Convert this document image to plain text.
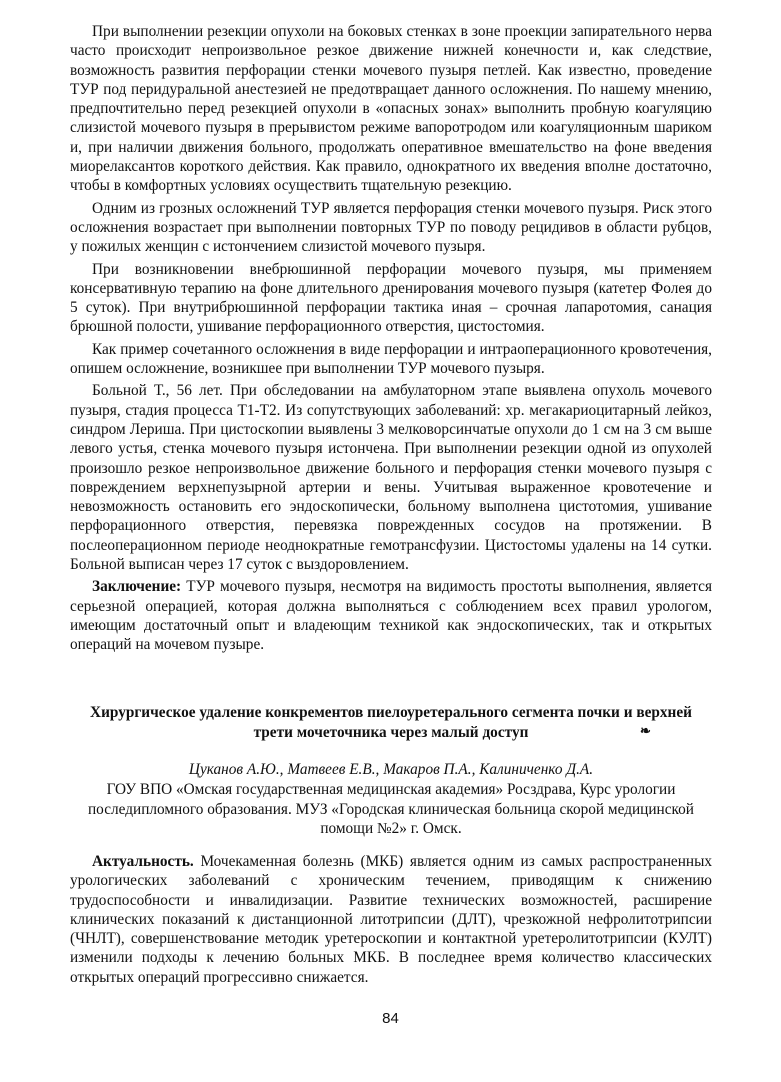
При выполнении резекции опухоли на боковых стенках в зоне проекции запирательного нерва часто происходит непроизвольное резкое движение нижней конечности и, как следствие, возможность развития перфорации стенки мочевого пузыря петлей. Как известно, проведение ТУР под перидуральной анестезией не предотвращает данного осложнения. По нашему мнению, предпочтительно перед резекцией опухоли в «опасных зонах» выполнить пробную коагуляцию слизистой мочевого пузыря в прерывистом режиме вапоротродом или коагуляционным шариком и, при наличии движения больного, продолжать оперативное вмешательство на фоне введения миорелаксантов короткого действия. Как правило, однократного их введения вполне достаточно, чтобы в комфортных условиях осуществить тщательную резекцию.

Одним из грозных осложнений ТУР является перфорация стенки мочевого пузыря. Риск этого осложнения возрастает при выполнении повторных ТУР по поводу рецидивов в области рубцов, у пожилых женщин с истончением слизистой мочевого пузыря.

При возникновении внебрюшинной перфорации мочевого пузыря, мы применяем консервативную терапию на фоне длительного дренирования мочевого пузыря (катетер Фолея до 5 суток). При внутрибрюшинной перфорации тактика иная – срочная лапаротомия, санация брюшной полости, ушивание перфорационного отверстия, цистостомия.

Как пример сочетанного осложнения в виде перфорации и интраоперационного кровотечения, опишем осложнение, возникшее при выполнении ТУР мочевого пузыря.

Больной Т., 56 лет. При обследовании на амбулаторном этапе выявлена опухоль мочевого пузыря, стадия процесса Т1-Т2. Из сопутствующих заболеваний: хр. мегакариоцитарный лейкоз, синдром Лериша. При цистоскопии выявлены 3 мелковорсинчатые опухоли до 1 см на 3 см выше левого устья, стенка мочевого пузыря истончена. При выполнении резекции одной из опухолей произошло резкое непроизвольное движение больного и перфорация стенки мочевого пузыря с повреждением верхнепузырной артерии и вены. Учитывая выраженное кровотечение и невозможность остановить его эндоскопически, больному выполнена цистотомия, ушивание перфорационного отверстия, перевязка поврежденных сосудов на протяжении. В послеоперационном периоде неоднократные гемотрансфузии. Цистостомы удалены на 14 сутки. Больной выписан через 17 суток с выздоровлением.

Заключение: ТУР мочевого пузыря, несмотря на видимость простоты выполнения, является серьезной операцией, которая должна выполняться с соблюдением всех правил урологом, имеющим достаточный опыт и владеющим техникой как эндоскопических, так и открытых операций на мочевом пузыре.

Хирургическое удаление конкрементов пиелоуретерального сегмента почки и верхней трети мочеточника через малый доступ	❧
Цуканов А.Ю., Матвеев Е.В., Макаров П.А., Калиниченко Д.А.
ГОУ ВПО «Омская государственная медицинская академия» Росздрава, Курс урологии последипломного образования. МУЗ «Городская клиническая больница скорой медицинской помощи №2» г. Омск.

Актуальность. Мочекаменная болезнь (МКБ) является одним из самых распространенных урологических заболеваний с хроническим течением, приводящим к снижению трудоспособности и инвалидизации. Развитие технических возможностей, расширение клинических показаний к дистанционной литотрипсии (ДЛТ), чрезкожной нефролитотрипсии (ЧНЛТ), совершенствование методик уретероскопии и контактной уретеролитотрипсии (КУЛТ) изменили подходы к лечению больных МКБ. В последнее время количество классических открытых операций прогрессивно снижается.

84
